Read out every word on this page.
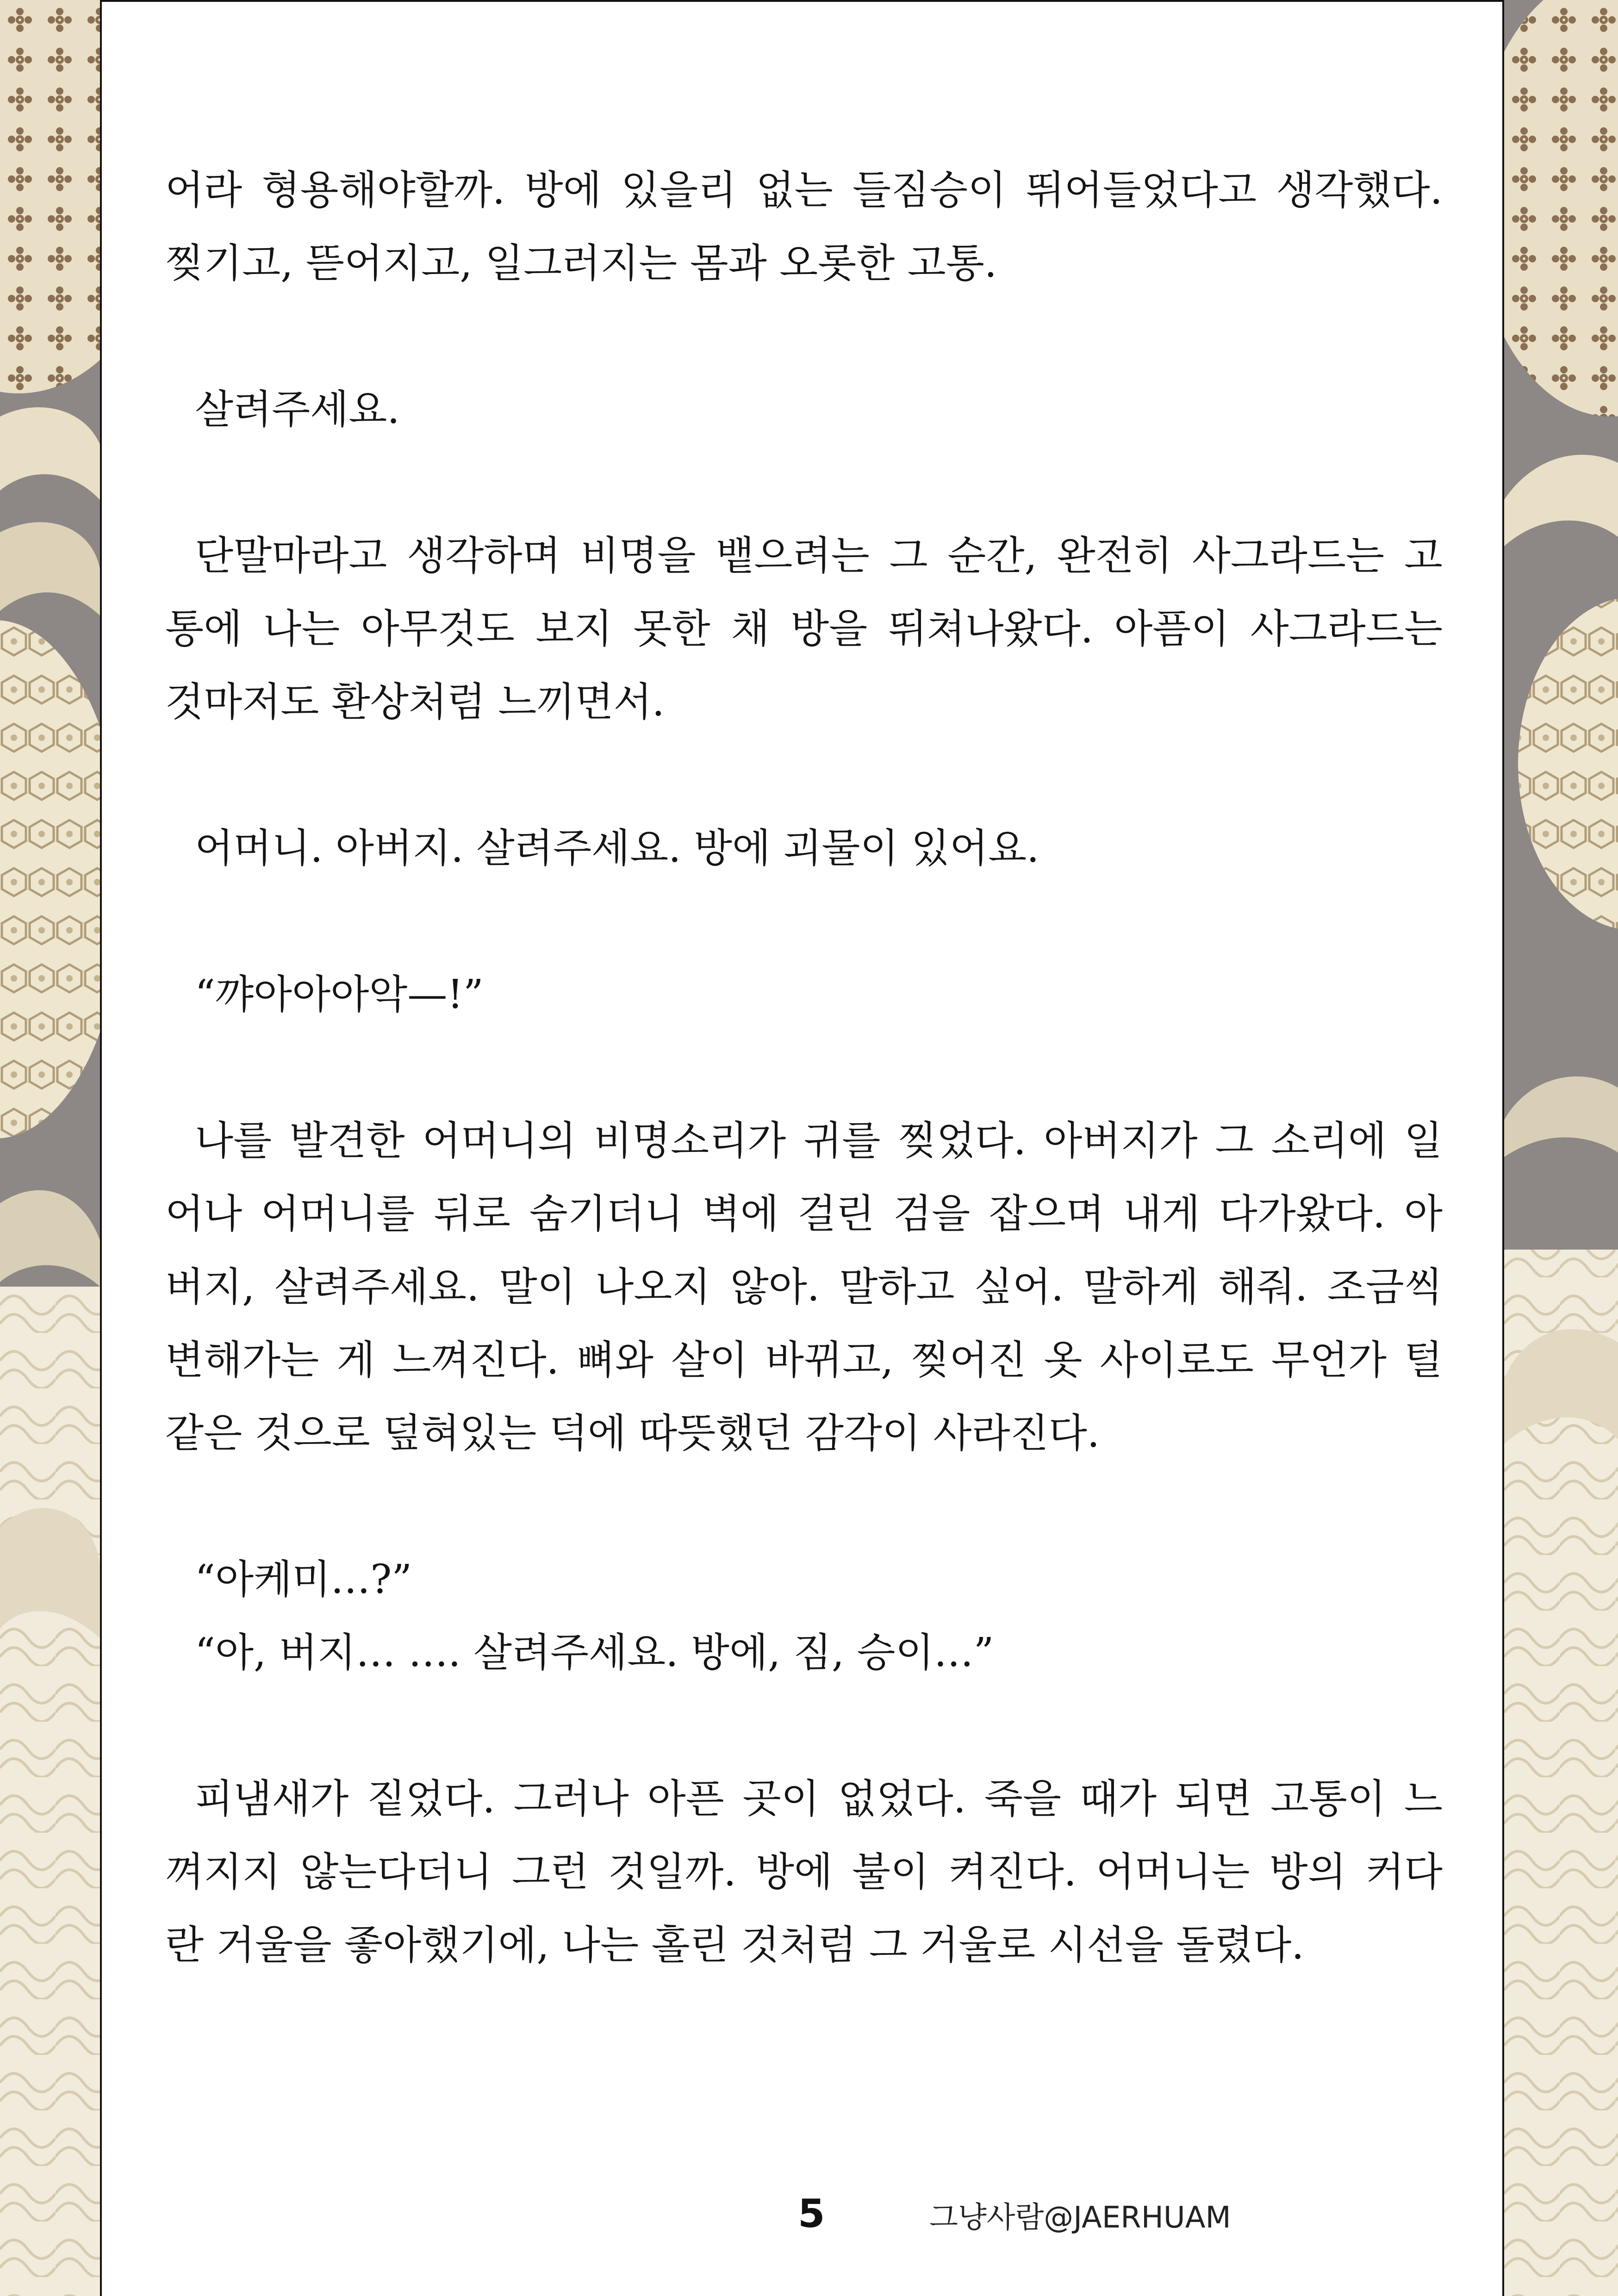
어라 형용해야할까. 방에 있을리 없는 들짐승이 뛰어들었다고 생각했다.
찢기고, 뜯어지고, 일그러지는 몸과 오롯한 고통.
살려주세요.
단말마라고 생각하며 비명을 뱉으려는 그 순간, 완전히 사그라드는 고
통에 나는 아무것도 보지 못한 채 방을 뛰쳐나왔다. 아픔이 사그라드는
것마저도 환상처럼 느끼면서.
어머니. 아버지. 살려주세요. 방에 괴물이 있어요.
“꺄아아아악—!”
나를 발견한 어머니의 비명소리가 귀를 찢었다. 아버지가 그 소리에 일
어나 어머니를 뒤로 숨기더니 벽에 걸린 검을 잡으며 내게 다가왔다. 아
버지, 살려주세요. 말이 나오지 않아. 말하고 싶어. 말하게 해줘. 조금씩
변해가는 게 느껴진다. 뼈와 살이 바뀌고, 찢어진 옷 사이로도 무언가 털
같은 것으로 덮혀있는 덕에 따뜻했던 감각이 사라진다.
“아케미…?”
“아, 버지… …. 살려주세요. 방에, 짐, 승이…”
피냄새가 짙었다. 그러나 아픈 곳이 없었다. 죽을 때가 되면 고통이 느
껴지지 않는다더니 그런 것일까. 방에 불이 켜진다. 어머니는 방의 커다
란 거울을 좋아했기에, 나는 홀린 것처럼 그 거울로 시선을 돌렸다.
5	그냥사람@JAERHUAM
